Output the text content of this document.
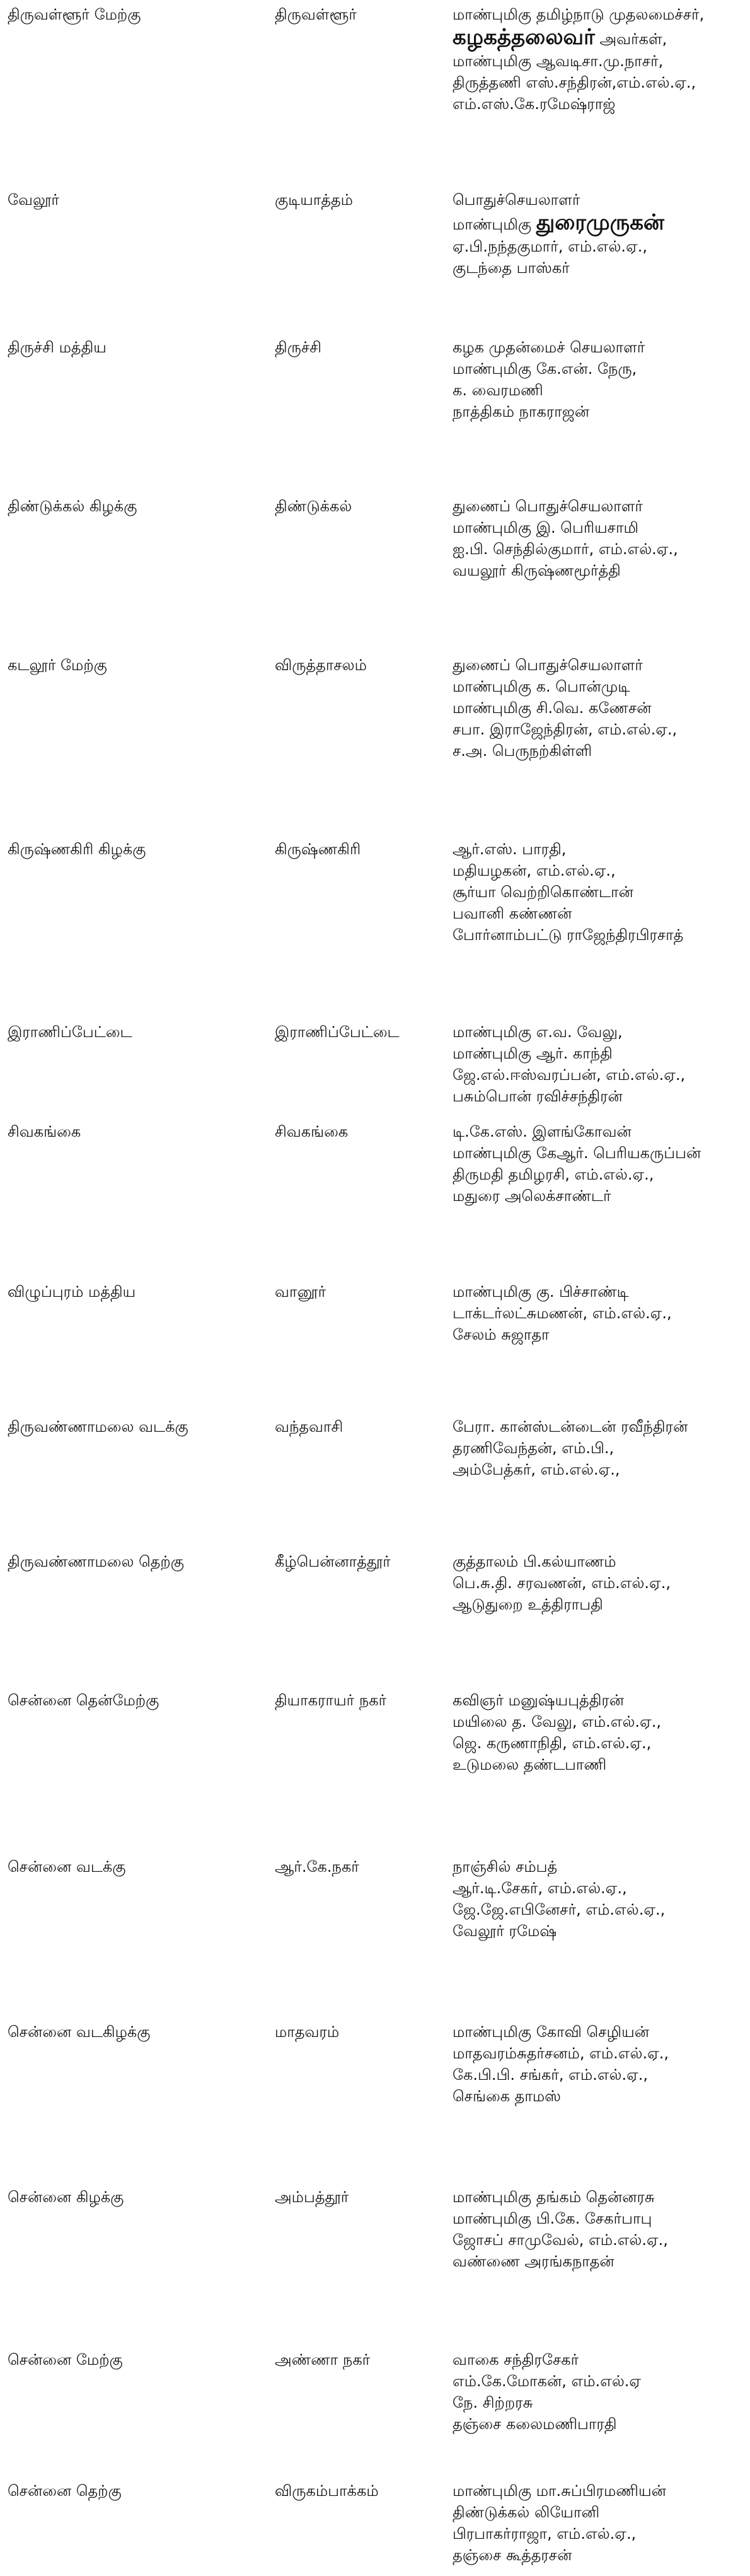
திருவள்ளூர் மேற்கு	திருவள்ளூர்	மாண்புமிகு தமிழ்நாடு முதலமைச்சர்,
கழகத்தலைவர் அவர்கள்,
மாண்புமிகு ஆவடிசா.மு.நாசர்,
திருத்தணி எஸ்.சந்திரன்,எம்.எல்.ஏ.,
எம்.எஸ்.கே.ரமேஷ்ராஜ்
வேலூர்	குடியாத்தம்	பொதுச்செயலாளர்
மாண்புமிகு துரைமுருகன்
ஏ.பி.நந்தகுமார், எம்.எல்.ஏ.,
குடந்தை பாஸ்கர்
திருச்சி மத்திய	திருச்சி	கழக முதன்மைச் செயலாளர்
மாண்புமிகு கே.என். நேரு,
க. வைரமணி
நாத்திகம் நாகராஜன்
திண்டுக்கல் கிழக்கு	திண்டுக்கல்	துணைப் பொதுச்செயலாளர்
மாண்புமிகு இ. பெரியசாமி
ஐ.பி. செந்தில்குமார், எம்.எல்.ஏ.,
வயலூர் கிருஷ்ணமூர்த்தி
கடலூர் மேற்கு	விருத்தாசலம்	துணைப் பொதுச்செயலாளர்
மாண்புமிகு க. பொன்முடி
மாண்புமிகு சி.வெ. கணேசன்
சபா. இராஜேந்திரன், எம்.எல்.ஏ.,
ச.அ. பெருநற்கிள்ளி
கிருஷ்ணகிரி கிழக்கு	கிருஷ்ணகிரி	ஆர்.எஸ். பாரதி,
மதியழகன், எம்.எல்.ஏ.,
சூர்யா வெற்றிகொண்டான்
பவானி கண்ணன்
போர்னாம்பட்டு ராஜேந்திரபிரசாத்
இராணிப்பேட்டை	இராணிப்பேட்டை	மாண்புமிகு எ.வ. வேலு,
மாண்புமிகு ஆர். காந்தி
ஜே.எல்.ஈஸ்வரப்பன், எம்.எல்.ஏ.,
பசும்பொன் ரவிச்சந்திரன்
சிவகங்கை	சிவகங்கை	டி.கே.எஸ். இளங்கோவன்
மாண்புமிகு கேஆர். பெரியகருப்பன்
திருமதி தமிழரசி, எம்.எல்.ஏ.,
மதுரை அலெக்சாண்டர்
விழுப்புரம் மத்திய	வானூர்	மாண்புமிகு கு. பிச்சாண்டி
டாக்டர்லட்சுமணன், எம்.எல்.ஏ.,
சேலம் சுஜாதா
திருவண்ணாமலை வடக்கு	வந்தவாசி	பேரா. கான்ஸ்டன்டைன் ரவீந்திரன்
தரணிவேந்தன், எம்.பி.,
அம்பேத்கர், எம்.எல்.ஏ.,
திருவண்ணாமலை தெற்கு	கீழ்பென்னாத்தூர்	குத்தாலம் பி.கல்யாணம்
பெ.சு.தி. சரவணன், எம்.எல்.ஏ.,
ஆடுதுறை உத்திராபதி
சென்னை தென்மேற்கு	தியாகராயர் நகர்	கவிஞர் மனுஷ்யபுத்திரன்
மயிலை த. வேலு, எம்.எல்.ஏ.,
ஜெ. கருணாநிதி, எம்.எல்.ஏ.,
உடுமலை தண்டபாணி
சென்னை வடக்கு	ஆர்.கே.நகர்	நாஞ்சில் சம்பத்
ஆர்.டி.சேகர், எம்.எல்.ஏ.,
ஜே.ஜே.எபினேசர், எம்.எல்.ஏ.,
வேலூர் ரமேஷ்
சென்னை வடகிழக்கு	மாதவரம்	மாண்புமிகு கோவி செழியன்
மாதவரம்சுதர்சனம், எம்.எல்.ஏ.,
கே.பி.பி. சங்கர், எம்.எல்.ஏ.,
செங்கை தாமஸ்
சென்னை கிழக்கு	அம்பத்தூர்	மாண்புமிகு தங்கம் தென்னரசு
மாண்புமிகு பி.கே. சேகர்பாபு
ஜோசப் சாமுவேல், எம்.எல்.ஏ.,
வண்ணை அரங்கநாதன்
சென்னை மேற்கு	அண்ணா நகர்	வாகை சந்திரசேகர்
எம்.கே.மோகன், எம்.எல்.ஏ
நே. சிற்றரசு
தஞ்சை கலைமணிபாரதி
சென்னை தெற்கு	விருகம்பாக்கம்	மாண்புமிகு மா.சுப்பிரமணியன்
திண்டுக்கல் லியோனி
பிரபாகர்ராஜா, எம்.எல்.ஏ.,
தஞ்சை கூத்தரசன்
